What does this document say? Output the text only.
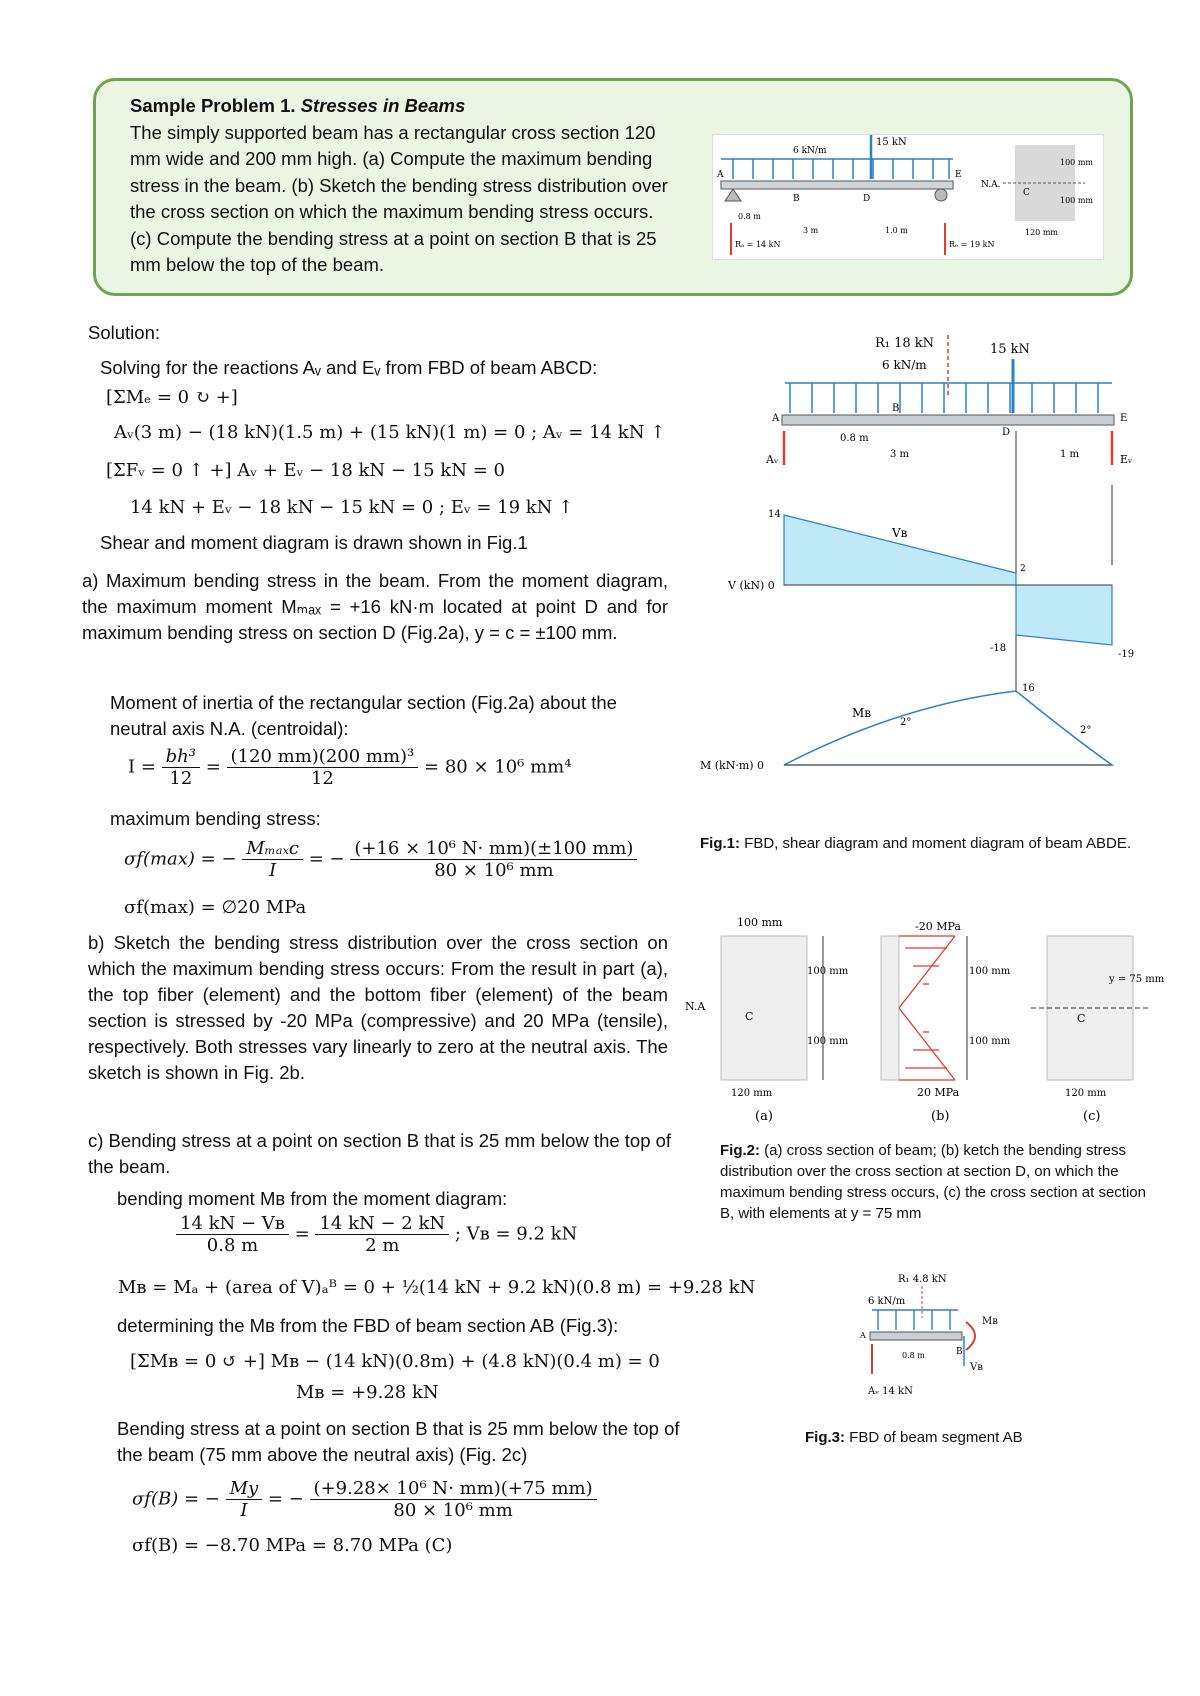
Sample Problem 1. Stresses in Beams
The simply supported beam has a rectangular cross section 120 mm wide and 200 mm high. (a) Compute the maximum bending stress in the beam. (b) Sketch the bending stress distribution over the cross section on which the maximum bending stress occurs. (c) Compute the bending stress at a point on section B that is 25 mm below the top of the beam.
6 kN/m
15 kN
A
B	D
E
0.8 m
3 m	1.0 m
Rₐ = 14 kN	Rₑ = 19 kN
N.A.
C
100 mm
100 mm
120 mm
Solution:
Solving for the reactions Aᵥ and Eᵥ from FBD of beam ABCD:
[ΣMₑ = 0 ↻ +]
Aᵥ(3 m) − (18 kN)(1.5 m) + (15 kN)(1 m) = 0 ; Aᵥ = 14 kN ↑
[ΣFᵥ = 0 ↑ +] Aᵥ + Eᵥ − 18 kN − 15 kN = 0
14 kN + Eᵥ − 18 kN − 15 kN = 0 ; Eᵥ = 19 kN ↑
Shear and moment diagram is drawn shown in Fig.1
a) Maximum bending stress in the beam. From the moment diagram, the maximum moment Mₘₐₓ = +16 kN·m located at point D and for maximum bending stress on section D (Fig.2a), y = c = ±100 mm.
Moment of inertia of the rectangular section (Fig.2a) about the neutral axis N.A. (centroidal):
$I = \frac{\text{bh³}}{12} = \frac{\text{(120 mm)(200 mm)³}}{12} = 80 \times 10^6$ mm⁴
maximum bending stress:
σf(max) = − $\frac{\text{Mₘₐₓc}}{I}$ = − $\frac{\text{(+16 × 10⁶ N· mm)(±100 mm)}}{\text{80 × 10⁶ mm}}$
σf(max) = ∅20 MPa
b) Sketch the bending stress distribution over the cross section on which the maximum bending stress occurs: From the result in part (a), the top fiber (element) and the bottom fiber (element) of the beam section is stressed by -20 MPa (compressive) and 20 MPa (tensile), respectively. Both stresses vary linearly to zero at the neutral axis. The sketch is shown in Fig. 2b.
c) Bending stress at a point on section B that is 25 mm below the top of the beam.
bending moment Mʙ from the moment diagram:
$\frac{\text{14 kN − Vʙ}}{0.8 m} = \frac{14 kN - 2 kN}{2 m}$ ; Vʙ = 9.2 kN
Mʙ = Mₐ + (area of V)ₐᴮ = 0 + ½(14 kN + 9.2 kN)(0.8 m) = +9.28 kN
determining the Mʙ from the FBD of beam section AB (Fig.3):
[ΣMʙ = 0 ↺ +] Mʙ − (14 kN)(0.8m) + (4.8 kN)(0.4 m) = 0
Mʙ = +9.28 kN
Bending stress at a point on section B that is 25 mm below the top of the beam (75 mm above the neutral axis) (Fig. 2c)
σf(B) = − $\frac{My}{I}$ = − $\frac{\text{(+9.28× 10⁶ N· mm)(+75 mm)}}{\text{80 × 10⁶ mm}}$
σf(B) = −8.70 MPa = 8.70 MPa (C)
R₁ 18 kN	15 kN
6 kN/m
A
B
D
E
Aᵥ	Eᵥ
0.8 m
3 m	1 m
14
Vʙ
V (kN) 0
2
-18
-19
16
Mʙ
2°
2°
M (kN·m) 0
Fig.1: FBD, shear diagram and moment diagram of beam ABDE.
100 mm
N.A
C
100 mm
100 mm
120 mm
(a)
-20 MPa
100 mm
100 mm
20 MPa
(b)
y = 75 mm
C
120 mm
(c)
Fig.2: (a) cross section of beam; (b) ketch the bending stress distribution over the cross section at section D, on which the maximum bending stress occurs, (c) the cross section at section B, with elements at y = 75 mm
R₁ 4.8 kN
6 kN/m
A
B
Mʙ
Vʙ
0.8 m
Aᵥ 14 kN
Fig.3: FBD of beam segment AB
